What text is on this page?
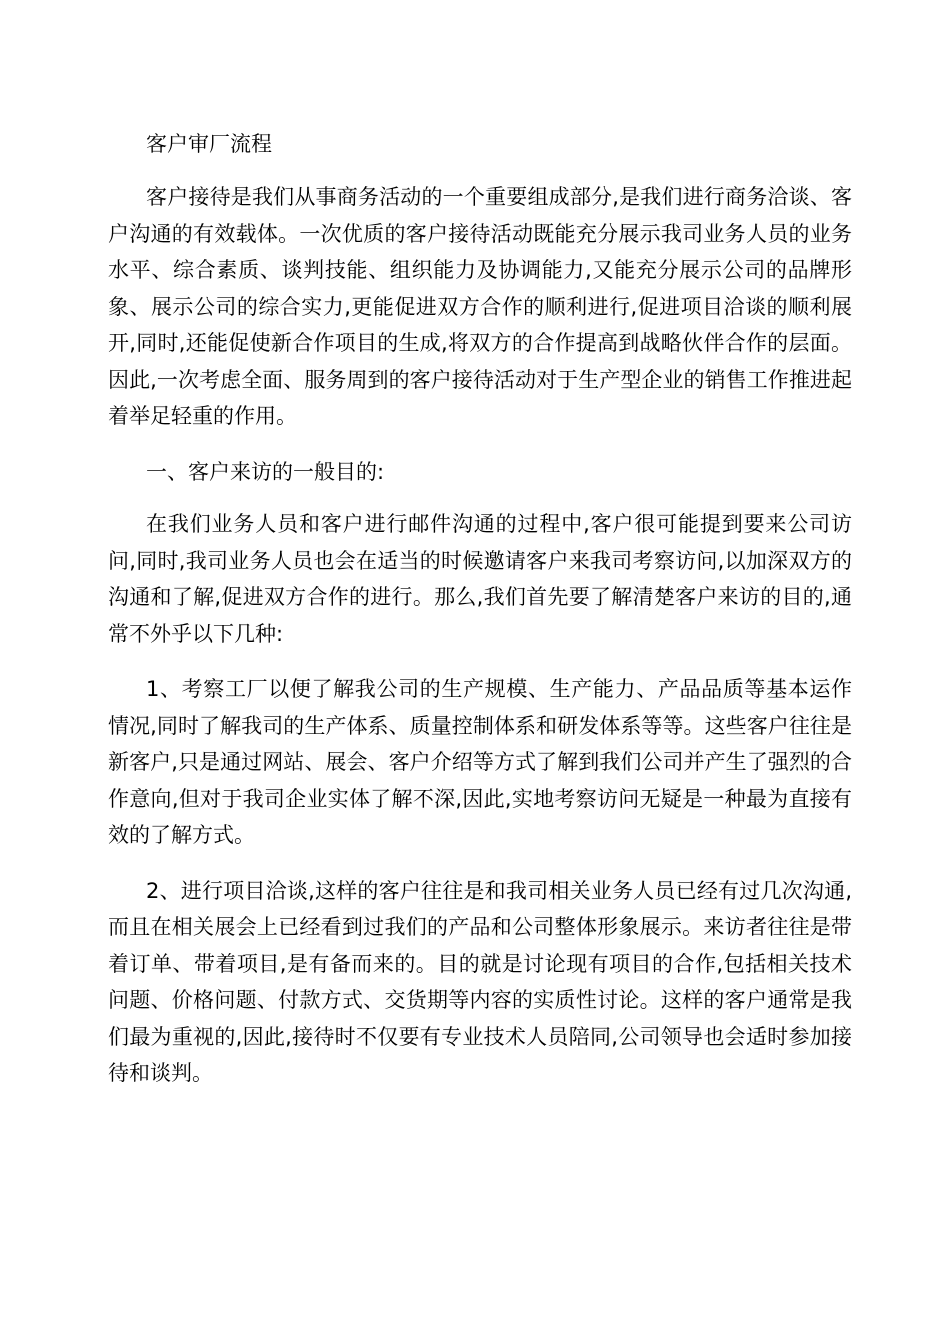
客户审厂流程

客户接待是我们从事商务活动的一个重要组成部分,是我们进行商务洽谈、客户沟通的有效载体。一次优质的客户接待活动既能充分展示我司业务人员的业务水平、综合素质、谈判技能、组织能力及协调能力,又能充分展示公司的品牌形象、展示公司的综合实力,更能促进双方合作的顺利进行,促进项目洽谈的顺利展开,同时,还能促使新合作项目的生成,将双方的合作提高到战略伙伴合作的层面。因此,一次考虑全面、服务周到的客户接待活动对于生产型企业的销售工作推进起着举足轻重的作用。

一、客户来访的一般目的:

在我们业务人员和客户进行邮件沟通的过程中,客户很可能提到要来公司访问,同时,我司业务人员也会在适当的时候邀请客户来我司考察访问,以加深双方的沟通和了解,促进双方合作的进行。那么,我们首先要了解清楚客户来访的目的,通常不外乎以下几种:

1、考察工厂以便了解我公司的生产规模、生产能力、产品品质等基本运作情况,同时了解我司的生产体系、质量控制体系和研发体系等等。这些客户往往是新客户,只是通过网站、展会、客户介绍等方式了解到我们公司并产生了强烈的合作意向,但对于我司企业实体了解不深,因此,实地考察访问无疑是一种最为直接有效的了解方式。

2、进行项目洽谈,这样的客户往往是和我司相关业务人员已经有过几次沟通,而且在相关展会上已经看到过我们的产品和公司整体形象展示。来访者往往是带着订单、带着项目,是有备而来的。目的就是讨论现有项目的合作,包括相关技术问题、价格问题、付款方式、交货期等内容的实质性讨论。这样的客户通常是我们最为重视的,因此,接待时不仅要有专业技术人员陪同,公司领导也会适时参加接待和谈判。
